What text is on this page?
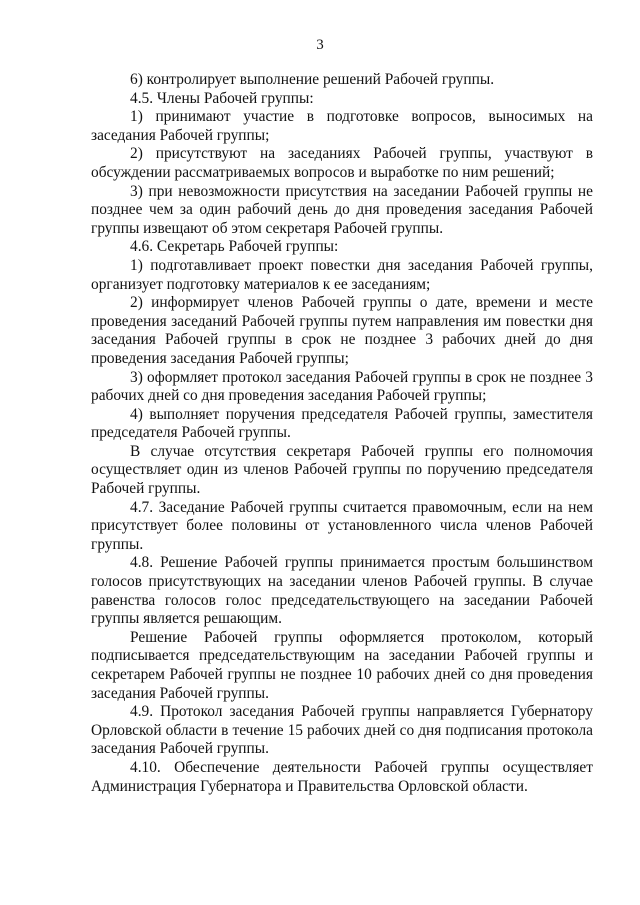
3

6) контролирует выполнение решений Рабочей группы.

4.5. Члены Рабочей группы:

1) принимают участие в подготовке вопросов, выносимых на заседания Рабочей группы;

2) присутствуют на заседаниях Рабочей группы, участвуют в обсуждении рассматриваемых вопросов и выработке по ним решений;

3) при невозможности присутствия на заседании Рабочей группы не позднее чем за один рабочий день до дня проведения заседания Рабочей группы извещают об этом секретаря Рабочей группы.

4.6. Секретарь Рабочей группы:

1) подготавливает проект повестки дня заседания Рабочей группы, организует подготовку материалов к ее заседаниям;

2) информирует членов Рабочей группы о дате, времени и месте проведения заседаний Рабочей группы путем направления им повестки дня заседания Рабочей группы в срок не позднее 3 рабочих дней до дня проведения заседания Рабочей группы;

3) оформляет протокол заседания Рабочей группы в срок не позднее 3 рабочих дней со дня проведения заседания Рабочей группы;

4) выполняет поручения председателя Рабочей группы, заместителя председателя Рабочей группы.

В случае отсутствия секретаря Рабочей группы его полномочия осуществляет один из членов Рабочей группы по поручению председателя Рабочей группы.

4.7. Заседание Рабочей группы считается правомочным, если на нем присутствует более половины от установленного числа членов Рабочей группы.

4.8. Решение Рабочей группы принимается простым большинством голосов присутствующих на заседании членов Рабочей группы. В случае равенства голосов голос председательствующего на заседании Рабочей группы является решающим.

Решение Рабочей группы оформляется протоколом, который подписывается председательствующим на заседании Рабочей группы и секретарем Рабочей группы не позднее 10 рабочих дней со дня проведения заседания Рабочей группы.

4.9. Протокол заседания Рабочей группы направляется Губернатору Орловской области в течение 15 рабочих дней со дня подписания протокола заседания Рабочей группы.

4.10. Обеспечение деятельности Рабочей группы осуществляет Администрация Губернатора и Правительства Орловской области.
